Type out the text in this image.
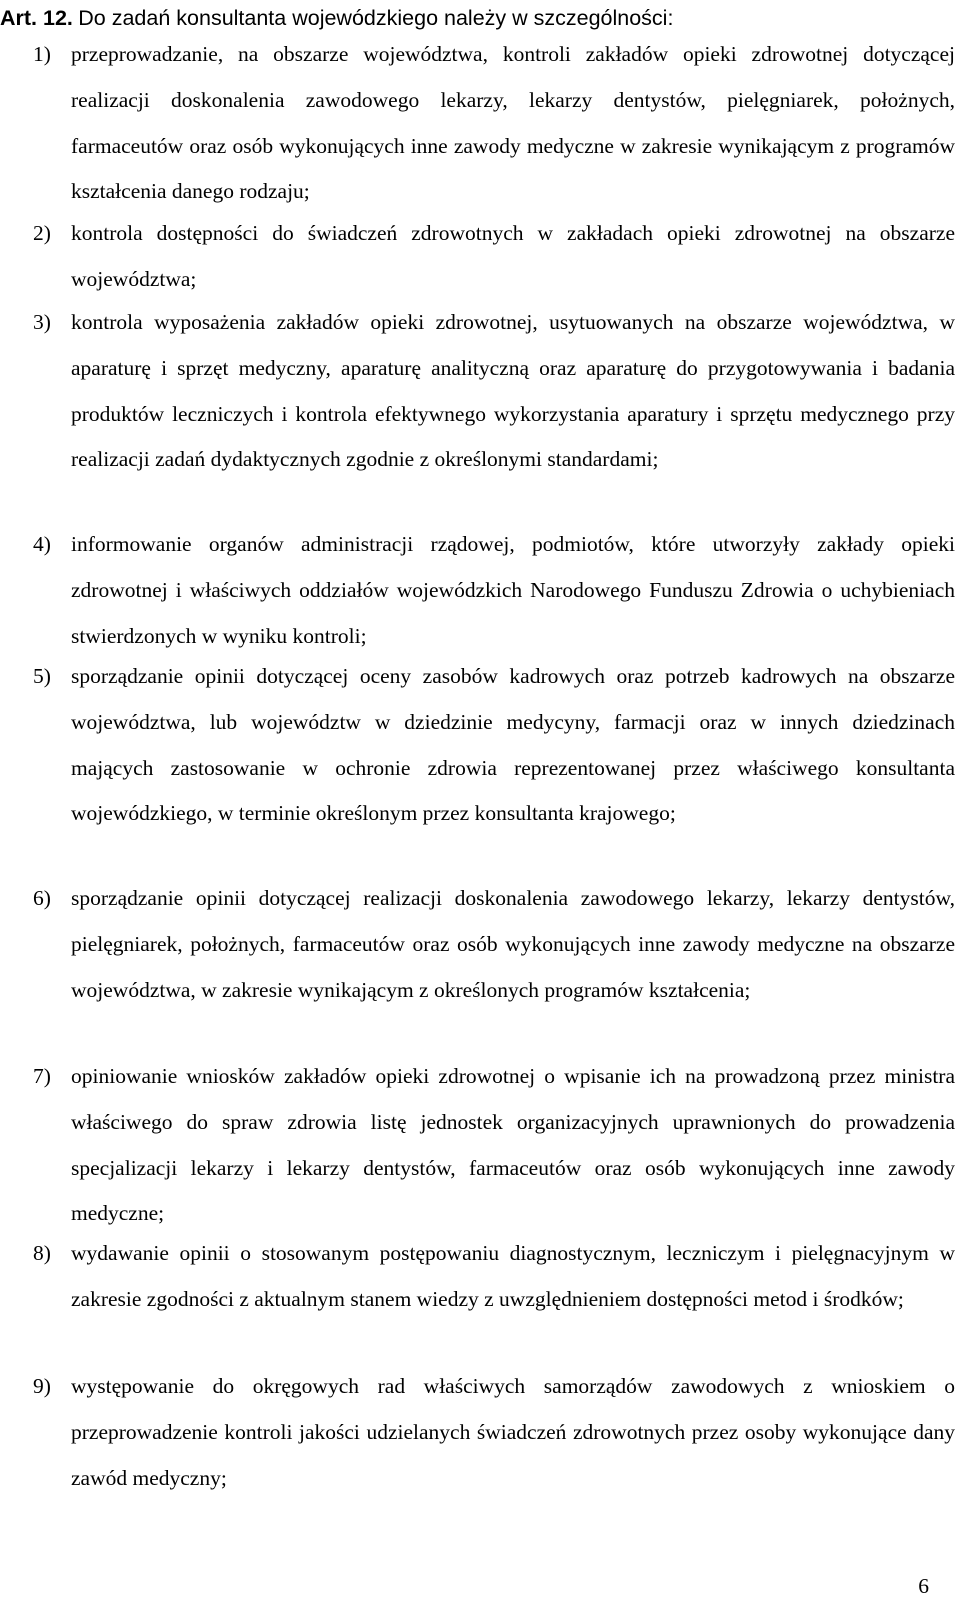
Art. 12. Do zadań konsultanta wojewódzkiego należy w szczególności:
1) przeprowadzanie, na obszarze województwa, kontroli zakładów opieki zdrowotnej dotyczącej realizacji doskonalenia zawodowego lekarzy, lekarzy dentystów, pielęgniarek, położnych, farmaceutów oraz osób wykonujących inne zawody medyczne w zakresie wynikającym z programów kształcenia danego rodzaju;

2) kontrola dostępności do świadczeń zdrowotnych w zakładach opieki zdrowotnej na obszarze województwa;

3) kontrola wyposażenia zakładów opieki zdrowotnej, usytuowanych na obszarze województwa, w aparaturę i sprzęt medyczny, aparaturę analityczną oraz aparaturę do przygotowywania i badania produktów leczniczych i kontrola efektywnego wykorzystania aparatury i sprzętu medycznego przy realizacji zadań dydaktycznych zgodnie z określonymi standardami;

4) informowanie organów administracji rządowej, podmiotów, które utworzyły zakłady opieki zdrowotnej i właściwych oddziałów wojewódzkich Narodowego Funduszu Zdrowia o uchybieniach stwierdzonych w wyniku kontroli;

5) sporządzanie opinii dotyczącej oceny zasobów kadrowych oraz potrzeb kadrowych na obszarze województwa, lub województw w dziedzinie medycyny, farmacji oraz w innych dziedzinach mających zastosowanie w ochronie zdrowia reprezentowanej przez właściwego konsultanta wojewódzkiego, w terminie określonym przez konsultanta krajowego;

6) sporządzanie opinii dotyczącej realizacji doskonalenia zawodowego lekarzy, lekarzy dentystów, pielęgniarek, położnych, farmaceutów oraz osób wykonujących inne zawody medyczne na obszarze województwa, w zakresie wynikającym z określonych programów kształcenia;

7) opiniowanie wniosków zakładów opieki zdrowotnej o wpisanie ich na prowadzoną przez ministra właściwego do spraw zdrowia listę jednostek organizacyjnych uprawnionych do prowadzenia specjalizacji lekarzy i lekarzy dentystów, farmaceutów oraz osób wykonujących inne zawody medyczne;

8) wydawanie opinii o stosowanym postępowaniu diagnostycznym, leczniczym i pielęgnacyjnym w zakresie zgodności z aktualnym stanem wiedzy z uwzględnieniem dostępności metod i środków;

9) występowanie do okręgowych rad właściwych samorządów zawodowych z wnioskiem o przeprowadzenie kontroli jakości udzielanych świadczeń zdrowotnych przez osoby wykonujące dany zawód medyczny;

6
